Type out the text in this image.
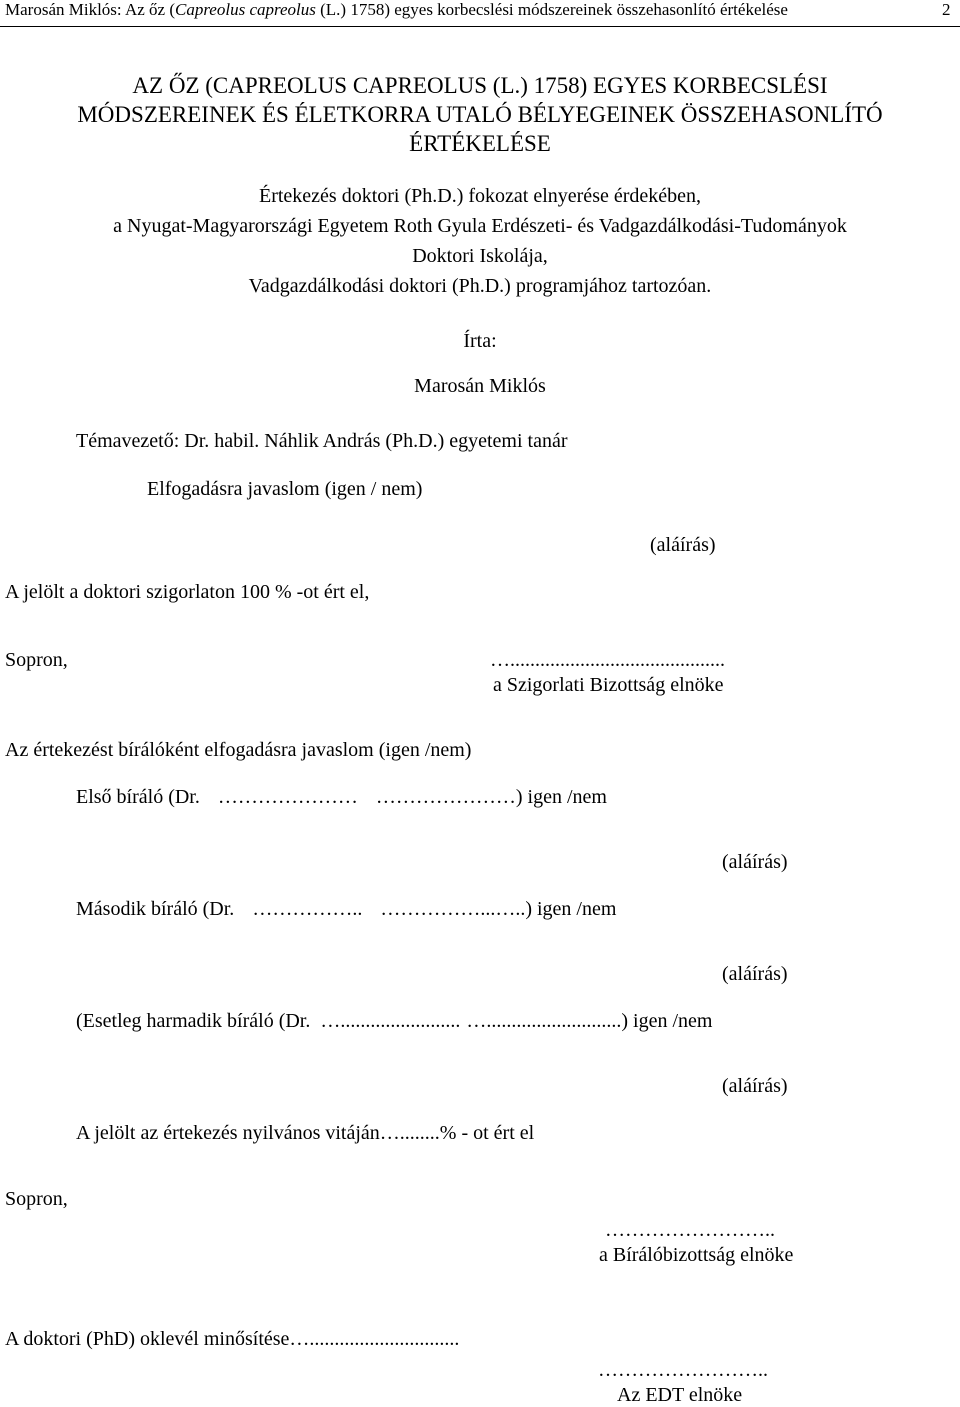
Marosán Miklós: Az őz (Capreolus capreolus (L.) 1758) egyes korbecslési módszereinek összehasonlító értékelése	2

AZ ŐZ (CAPREOLUS CAPREOLUS (L.) 1758) EGYES KORBECSLÉSI

MÓDSZEREINEK ÉS ÉLETKORRA UTALÓ BÉLYEGEINEK ÖSSZEHASONLÍTÓ

ÉRTÉKELÉSE

Értekezés doktori (Ph.D.) fokozat elnyerése érdekében,

a Nyugat-Magyarországi Egyetem Roth Gyula Erdészeti- és Vadgazdálkodási-Tudományok

Doktori Iskolája,

Vadgazdálkodási doktori (Ph.D.) programjához tartozóan.

Írta:

Marosán Miklós

Témavezető: Dr. habil. Náhlik András (Ph.D.) egyetemi tanár

Elfogadásra javaslom (igen / nem)

(aláírás)

A jelölt a doktori szigorlaton 100 % -ot ért el,

Sopron,	…...........................................

a Szigorlati Bizottság elnöke

Az értekezést bírálóként elfogadásra javaslom (igen /nem)

Első bíráló (Dr. ………………… …………………) igen /nem

(aláírás)

Második bíráló (Dr. …………….. ……………...…..) igen /nem

(aláírás)

(Esetleg harmadik bíráló (Dr. …........................ …...........................) igen /nem

(aláírás)

A jelölt az értekezés nyilvános vitáján…........% - ot ért el

Sopron,

……………………..

a Bírálóbizottság elnöke

A doktori (PhD) oklevél minősítése…..............................

……………………..

Az EDT elnöke
